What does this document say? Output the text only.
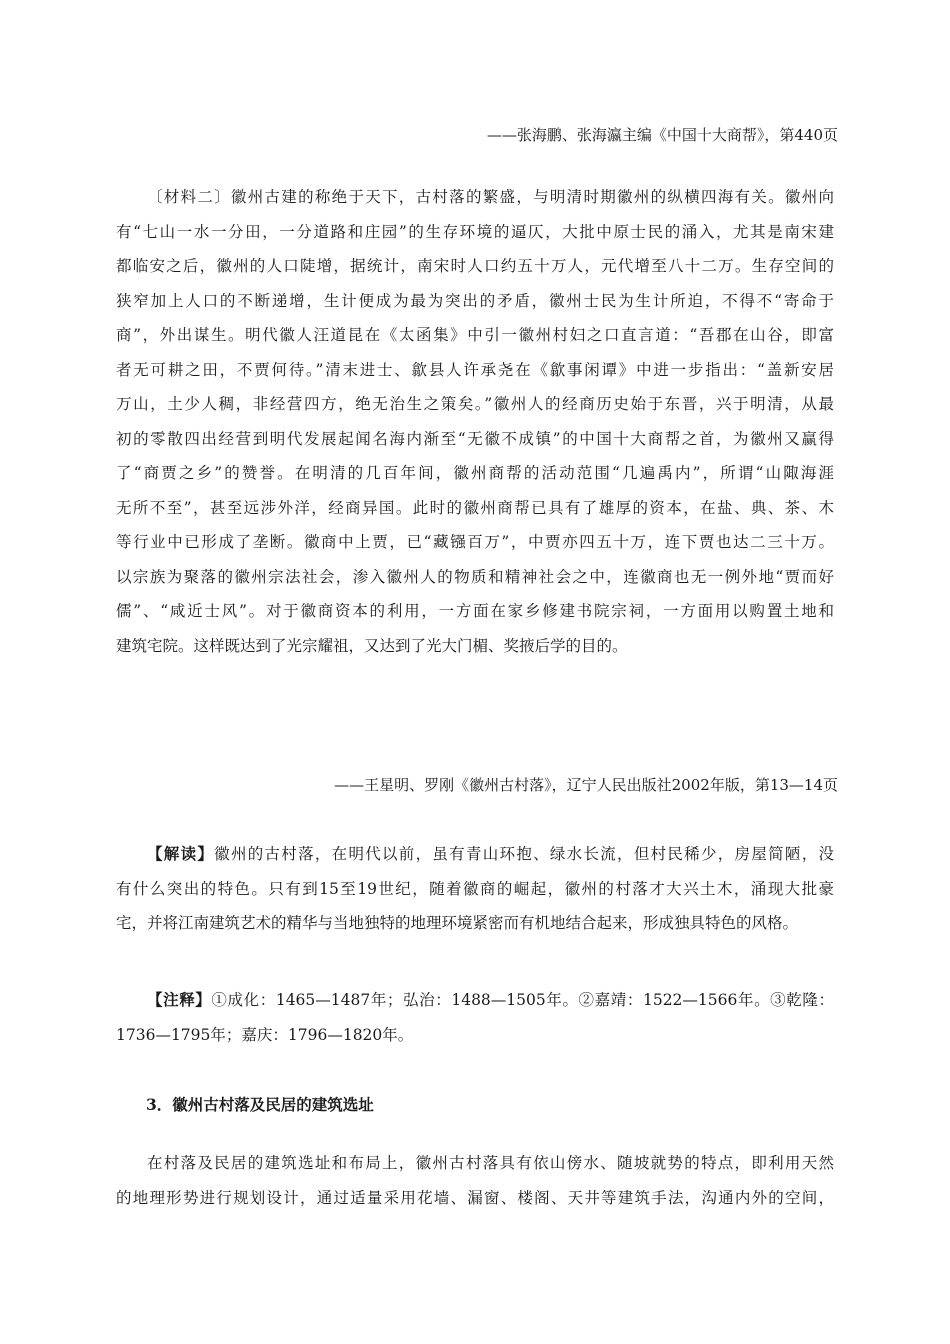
——张海鹏、张海瀛主编《中国十大商帮》，第440页
〔材料二〕徽州古建的称绝于天下，古村落的繁盛，与明清时期徽州的纵横四海有关。徽州向
有“七山一水一分田，一分道路和庄园”的生存环境的逼仄，大批中原士民的涌入，尤其是南宋建
都临安之后，徽州的人口陡增，据统计，南宋时人口约五十万人，元代增至八十二万。生存空间的
狭窄加上人口的不断递增，生计便成为最为突出的矛盾，徽州士民为生计所迫，不得不“寄命于
商”，外出谋生。明代徽人汪道昆在《太函集》中引一徽州村妇之口直言道：“吾郡在山谷，即富
者无可耕之田，不贾何待。”清末进士、歙县人许承尧在《歙事闲谭》中进一步指出：“盖新安居
万山，土少人稠，非经营四方，绝无治生之策矣。”徽州人的经商历史始于东晋，兴于明清，从最
初的零散四出经营到明代发展起闻名海内渐至“无徽不成镇”的中国十大商帮之首，为徽州又赢得
了“商贾之乡”的赞誉。在明清的几百年间，徽州商帮的活动范围“几遍禹内”，所谓“山陬海涯
无所不至”，甚至远涉外洋，经商异国。此时的徽州商帮已具有了雄厚的资本，在盐、典、茶、木
等行业中已形成了垄断。徽商中上贾，已“藏镪百万”，中贾亦四五十万，连下贾也达二三十万。
以宗族为聚落的徽州宗法社会，渗入徽州人的物质和精神社会之中，连徽商也无一例外地“贾而好
儒”、“咸近士风”。对于徽商资本的利用，一方面在家乡修建书院宗祠，一方面用以购置土地和
建筑宅院。这样既达到了光宗耀祖，又达到了光大门楣、奖掖后学的目的。
——王星明、罗刚《徽州古村落》，辽宁人民出版社2002年版，第13—14页
【解读】徽州的古村落，在明代以前，虽有青山环抱、绿水长流，但村民稀少，房屋简陋，没
有什么突出的特色。只有到15至19世纪，随着徽商的崛起，徽州的村落才大兴土木，涌现大批豪
宅，并将江南建筑艺术的精华与当地独特的地理环境紧密而有机地结合起来，形成独具特色的风格。
【注释】①成化：1465—1487年；弘治：1488—1505年。②嘉靖：1522—1566年。③乾隆：
1736—1795年；嘉庆：1796—1820年。
3．徽州古村落及民居的建筑选址
在村落及民居的建筑选址和布局上，徽州古村落具有依山傍水、随坡就势的特点，即利用天然
的地理形势进行规划设计，通过适量采用花墙、漏窗、楼阁、天井等建筑手法，沟通内外的空间，
